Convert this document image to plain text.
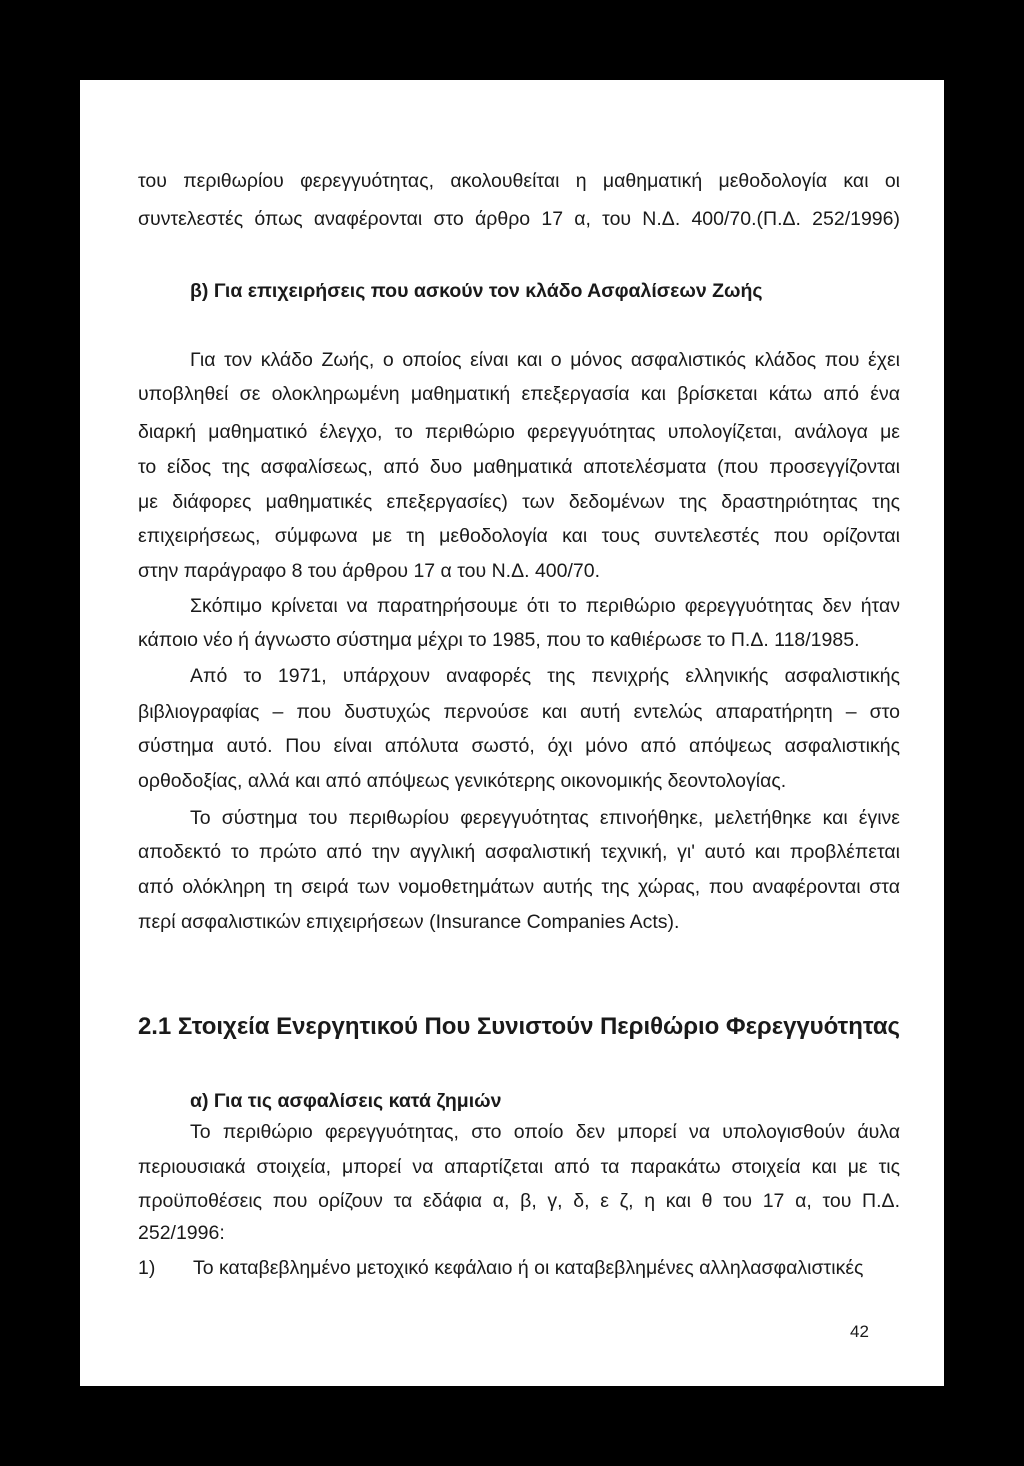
του περιθωρίου φερεγγυότητας, ακολουθείται η μαθηματική μεθοδολογία και οι
συντελεστές όπως αναφέρονται στο άρθρο 17 α, του Ν.Δ. 400/70.(Π.Δ. 252/1996)
β) Για επιχειρήσεις που ασκούν τον κλάδο Ασφαλίσεων Ζωής
Για τον κλάδο Ζωής, ο οποίος είναι και ο μόνος ασφαλιστικός κλάδος που έχει
υποβληθεί σε ολοκληρωμένη μαθηματική επεξεργασία και βρίσκεται κάτω από ένα
διαρκή μαθηματικό έλεγχο, το περιθώριο φερεγγυότητας υπολογίζεται, ανάλογα με
το είδος της ασφαλίσεως, από δυο μαθηματικά αποτελέσματα (που προσεγγίζονται
με διάφορες μαθηματικές επεξεργασίες) των δεδομένων της δραστηριότητας της
επιχειρήσεως, σύμφωνα με τη μεθοδολογία και τους συντελεστές που ορίζονται
στην παράγραφο 8 του άρθρου 17 α του Ν.Δ. 400/70.
Σκόπιμο κρίνεται να παρατηρήσουμε ότι το περιθώριο φερεγγυότητας δεν ήταν
κάποιο νέο ή άγνωστο σύστημα μέχρι το 1985, που το καθιέρωσε το Π.Δ. 118/1985.
Από το 1971, υπάρχουν αναφορές της πενιχρής ελληνικής ασφαλιστικής
βιβλιογραφίας – που δυστυχώς περνούσε και αυτή εντελώς απαρατήρητη – στο
σύστημα αυτό. Που είναι απόλυτα σωστό, όχι μόνο από απόψεως ασφαλιστικής
ορθοδοξίας, αλλά και από απόψεως γενικότερης οικονομικής δεοντολογίας.
Το σύστημα του περιθωρίου φερεγγυότητας επινοήθηκε, μελετήθηκε και έγινε
αποδεκτό το πρώτο από την αγγλική ασφαλιστική τεχνική, γι' αυτό και προβλέπεται
από ολόκληρη τη σειρά των νομοθετημάτων αυτής της χώρας, που αναφέρονται στα
περί ασφαλιστικών επιχειρήσεων (Insurance Companies Acts).
2.1 Στοιχεία Ενεργητικού Που Συνιστούν Περιθώριο Φερεγγυότητας
α) Για τις ασφαλίσεις κατά ζημιών
Το περιθώριο φερεγγυότητας, στο οποίο δεν μπορεί να υπολογισθούν άυλα
περιουσιακά στοιχεία, μπορεί να απαρτίζεται από τα παρακάτω στοιχεία και με τις
προϋποθέσεις που ορίζουν τα εδάφια α, β, γ, δ, ε ζ, η και θ του 17 α, του Π.Δ.
252/1996:
1) Το καταβεβλημένο μετοχικό κεφάλαιο ή οι καταβεβλημένες αλληλασφαλιστικές
42
